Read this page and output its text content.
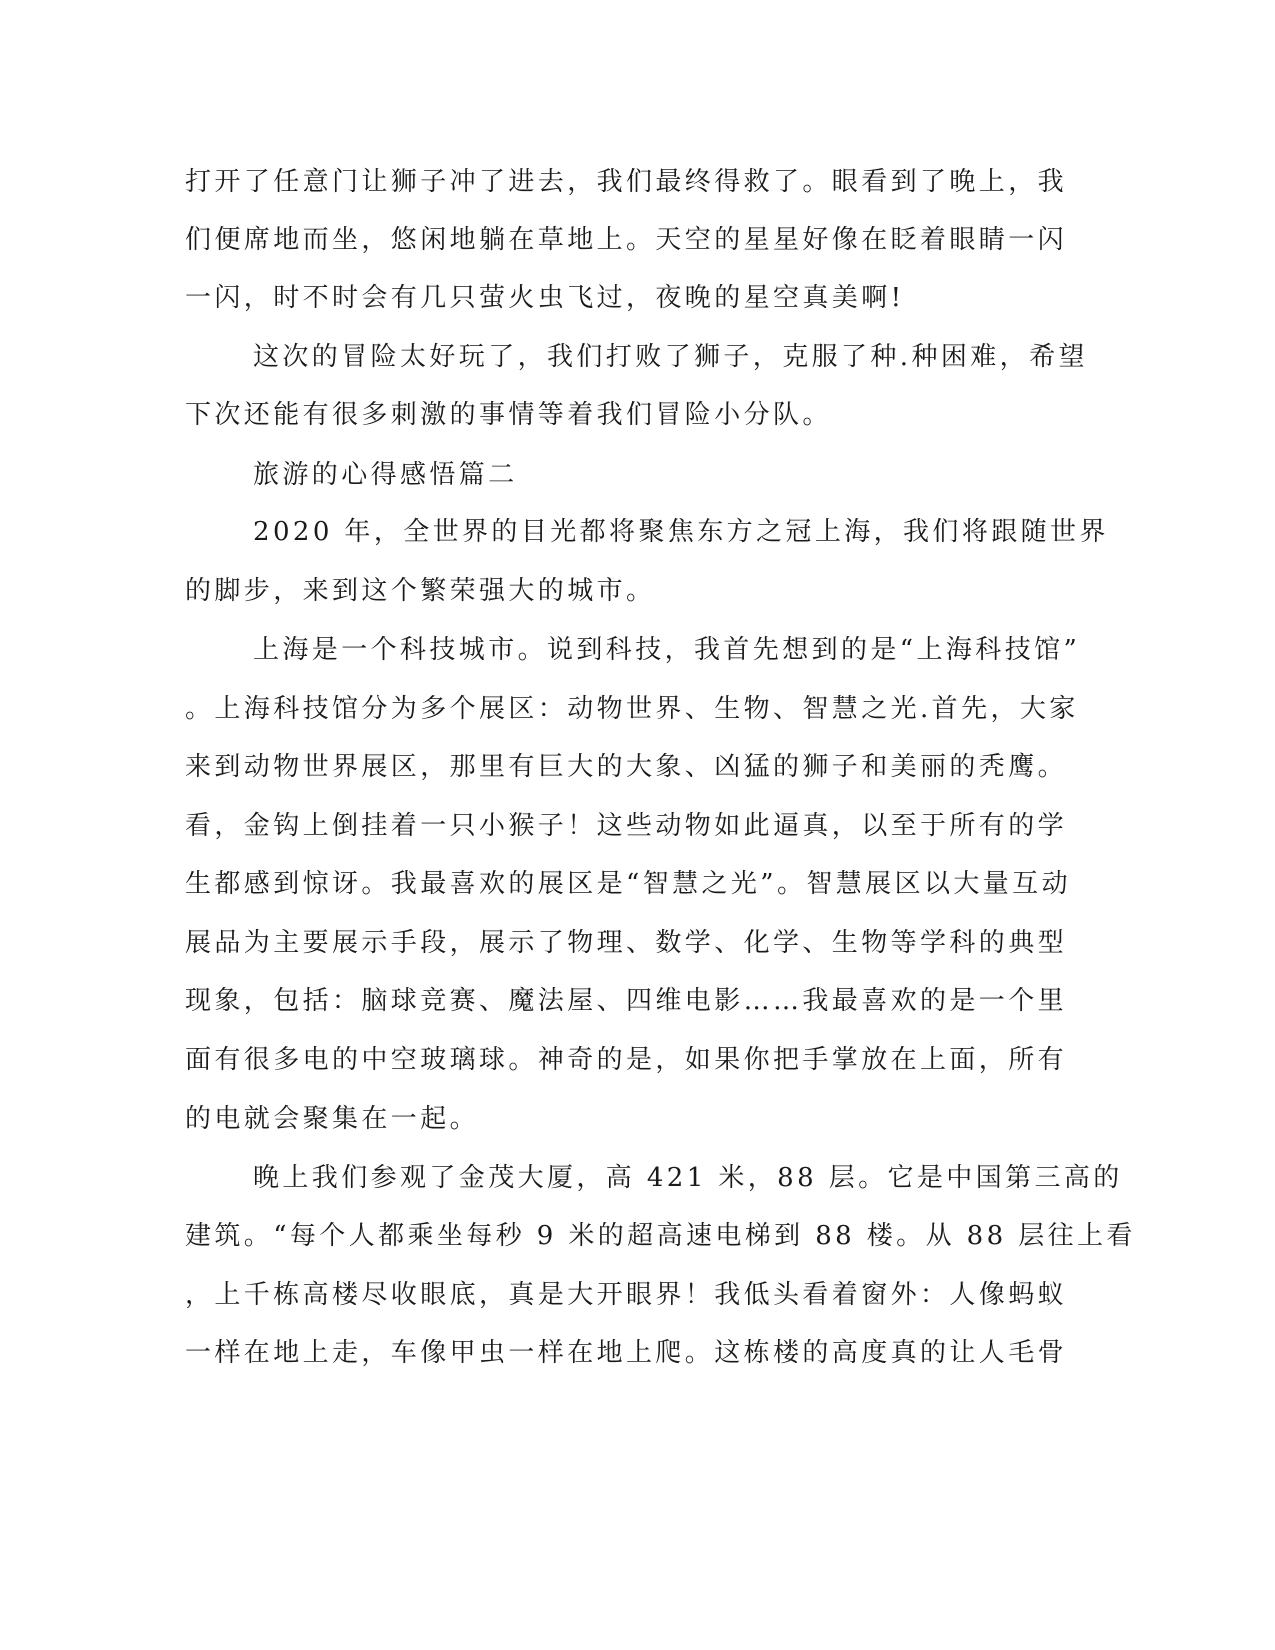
打开了任意门让狮子冲了进去，我们最终得救了。眼看到了晚上，我
们便席地而坐，悠闲地躺在草地上。天空的星星好像在眨着眼睛一闪
一闪，时不时会有几只萤火虫飞过，夜晚的星空真美啊!
这次的冒险太好玩了，我们打败了狮子，克服了种.种困难，希望
下次还能有很多刺激的事情等着我们冒险小分队。
旅游的心得感悟篇二
2020 年，全世界的目光都将聚焦东方之冠上海，我们将跟随世界
的脚步，来到这个繁荣强大的城市。
上海是一个科技城市。说到科技，我首先想到的是“上海科技馆”
。上海科技馆分为多个展区：动物世界、生物、智慧之光.首先，大家
来到动物世界展区，那里有巨大的大象、凶猛的狮子和美丽的秃鹰。
看，金钩上倒挂着一只小猴子！这些动物如此逼真，以至于所有的学
生都感到惊讶。我最喜欢的展区是“智慧之光”。智慧展区以大量互动
展品为主要展示手段，展示了物理、数学、化学、生物等学科的典型
现象，包括：脑球竞赛、魔法屋、四维电影……我最喜欢的是一个里
面有很多电的中空玻璃球。神奇的是，如果你把手掌放在上面，所有
的电就会聚集在一起。
晚上我们参观了金茂大厦，高 421 米，88 层。它是中国第三高的
建筑。“每个人都乘坐每秒 9 米的超高速电梯到 88 楼。从 88 层往上看
，上千栋高楼尽收眼底，真是大开眼界！我低头看着窗外：人像蚂蚁
一样在地上走，车像甲虫一样在地上爬。这栋楼的高度真的让人毛骨
